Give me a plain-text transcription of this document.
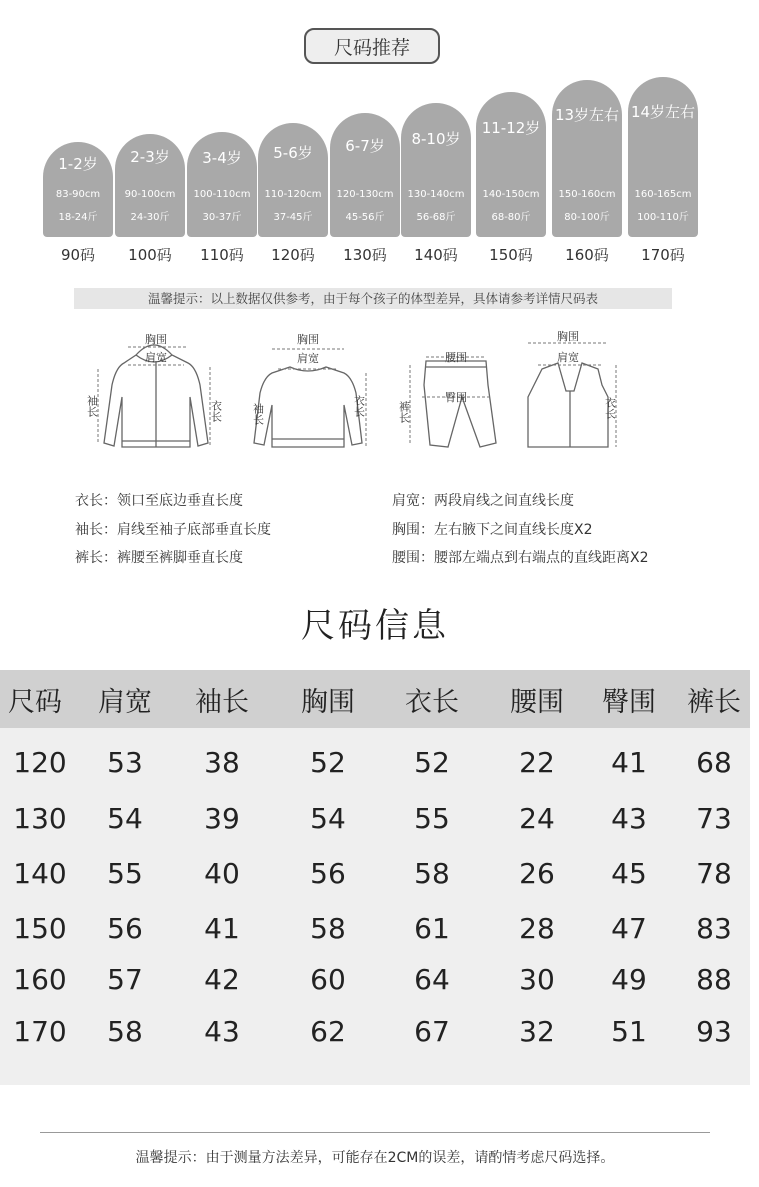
尺码推荐
1-2岁
83-90cm
18-24斤
90码
2-3岁
90-100cm
24-30斤
100码
3-4岁
100-110cm
30-37斤
110码
5-6岁
110-120cm
37-45斤
120码
6-7岁
120-130cm
45-56斤
130码
8-10岁
130-140cm
56-68斤
140码
11-12岁
140-150cm
68-80斤
150码
13岁左右
150-160cm
80-100斤
160码
14岁左右
160-165cm
100-110斤
170码
温馨提示：以上数据仅供参考，由于每个孩子的体型差异，具体请参考详情尺码表
胸围
肩宽
衣长
袖长
胸围
肩宽
衣长
袖长
腰围
臀围
裤长
胸围
肩宽
衣长
衣长：领口至底边垂直长度
袖长：肩线至袖子底部垂直长度
裤长：裤腰至裤脚垂直长度
肩宽：两段肩线之间直线长度
胸围：左右腋下之间直线长度X2
腰围：腰部左端点到右端点的直线距离X2
尺码信息
尺码	肩宽	袖长	胸围	衣长	腰围	臀围	裤长
120	53	38	52	52	22	41	68
130	54	39	54	55	24	43	73
140	55	40	56	58	26	45	78
150	56	41	58	61	28	47	83
160	57	42	60	64	30	49	88
170	58	43	62	67	32	51	93
温馨提示：由于测量方法差异，可能存在2CM的误差，请酌情考虑尺码选择。
